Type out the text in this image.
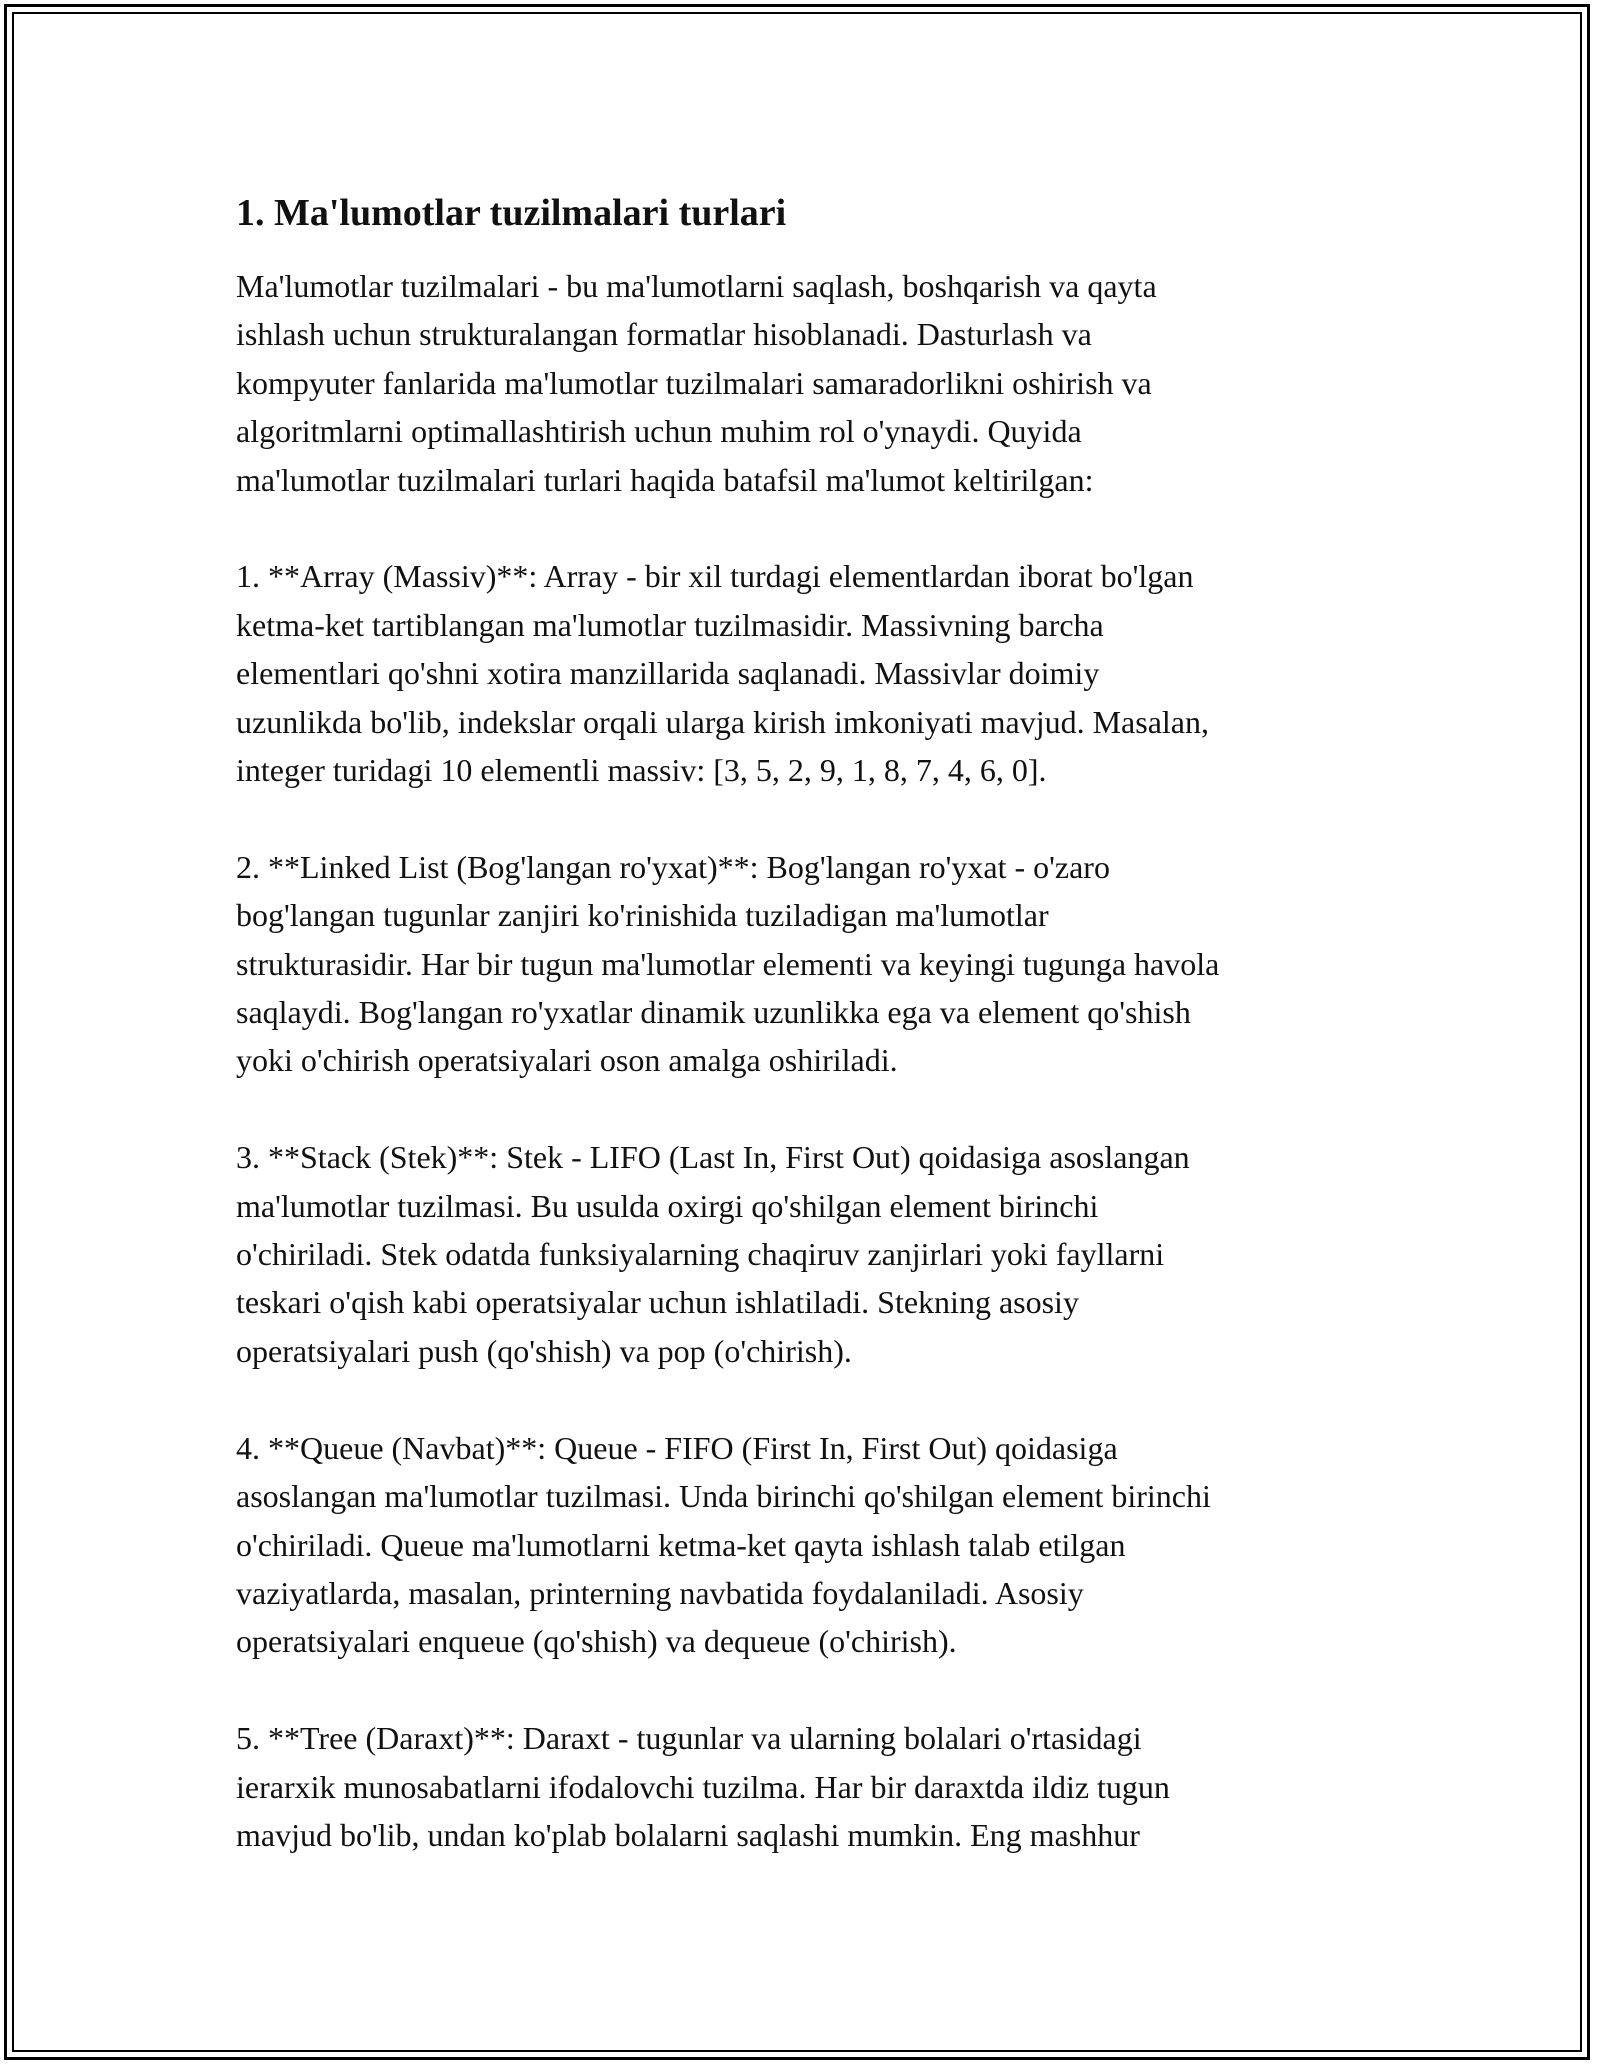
1. Ma'lumotlar tuzilmalari turlari

Ma'lumotlar tuzilmalari - bu ma'lumotlarni saqlash, boshqarish va qayta
ishlash uchun strukturalangan formatlar hisoblanadi. Dasturlash va
kompyuter fanlarida ma'lumotlar tuzilmalari samaradorlikni oshirish va
algoritmlarni optimallashtirish uchun muhim rol o'ynaydi. Quyida
ma'lumotlar tuzilmalari turlari haqida batafsil ma'lumot keltirilgan:

1. **Array (Massiv)**: Array - bir xil turdagi elementlardan iborat bo'lgan
ketma-ket tartiblangan ma'lumotlar tuzilmasidir. Massivning barcha
elementlari qo'shni xotira manzillarida saqlanadi. Massivlar doimiy
uzunlikda bo'lib, indekslar orqali ularga kirish imkoniyati mavjud. Masalan,
integer turidagi 10 elementli massiv: [3, 5, 2, 9, 1, 8, 7, 4, 6, 0].

2. **Linked List (Bog'langan ro'yxat)**: Bog'langan ro'yxat - o'zaro
bog'langan tugunlar zanjiri ko'rinishida tuziladigan ma'lumotlar
strukturasidir. Har bir tugun ma'lumotlar elementi va keyingi tugunga havola
saqlaydi. Bog'langan ro'yxatlar dinamik uzunlikka ega va element qo'shish
yoki o'chirish operatsiyalari oson amalga oshiriladi.

3. **Stack (Stek)**: Stek - LIFO (Last In, First Out) qoidasiga asoslangan
ma'lumotlar tuzilmasi. Bu usulda oxirgi qo'shilgan element birinchi
o'chiriladi. Stek odatda funksiyalarning chaqiruv zanjirlari yoki fayllarni
teskari o'qish kabi operatsiyalar uchun ishlatiladi. Stekning asosiy
operatsiyalari push (qo'shish) va pop (o'chirish).

4. **Queue (Navbat)**: Queue - FIFO (First In, First Out) qoidasiga
asoslangan ma'lumotlar tuzilmasi. Unda birinchi qo'shilgan element birinchi
o'chiriladi. Queue ma'lumotlarni ketma-ket qayta ishlash talab etilgan
vaziyatlarda, masalan, printerning navbatida foydalaniladi. Asosiy
operatsiyalari enqueue (qo'shish) va dequeue (o'chirish).

5. **Tree (Daraxt)**: Daraxt - tugunlar va ularning bolalari o'rtasidagi
ierarxik munosabatlarni ifodalovchi tuzilma. Har bir daraxtda ildiz tugun
mavjud bo'lib, undan ko'plab bolalarni saqlashi mumkin. Eng mashhur
